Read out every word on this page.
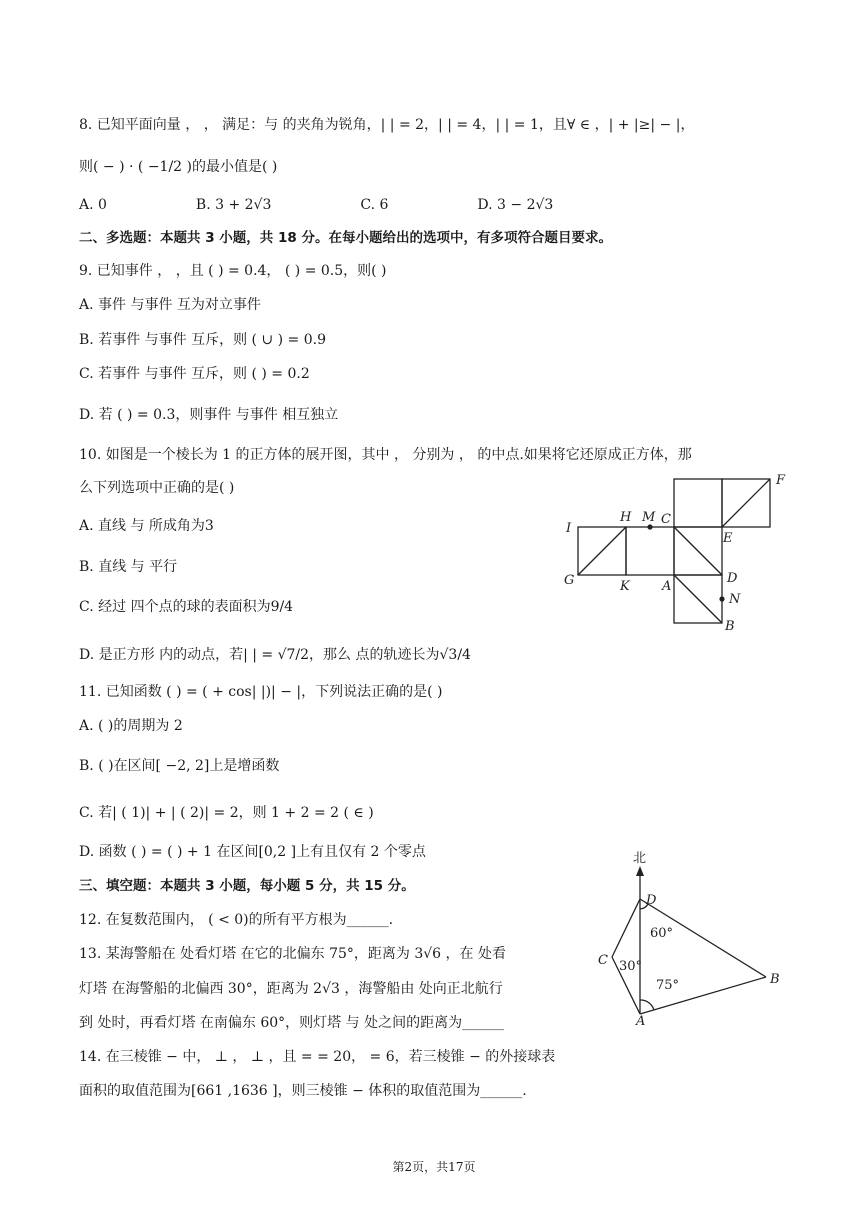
8. 已知平面向量 ， ， 满足：与 的夹角为锐角，| | = 2，| | = 4，| | = 1，且∀ ∈ ，| + |≥| − |，
则( − ) · ( −1/2 )的最小值是( )
A. 0                    B. 3 + 2√3                    C. 6                    D. 3 − 2√3
二、多选题：本题共 3 小题，共 18 分。在每小题给出的选项中，有多项符合题目要求。
9. 已知事件 ， ，且 ( ) = 0.4， ( ) = 0.5，则( )
A. 事件 与事件 互为对立事件
B. 若事件 与事件 互斥，则 ( ∪ ) = 0.9
C. 若事件 与事件 互斥，则 ( ) = 0.2
D. 若 ( ) = 0.3，则事件 与事件 相互独立
10. 如图是一个棱长为 1 的正方体的展开图，其中 ， 分别为 ， 的中点.如果将它还原成正方体，那
么下列选项中正确的是( )
A. 直线 与 所成角为3
B. 直线 与 平行
C. 经过 四个点的球的表面积为9/4
D. 是正方形 内的动点，若| | = √7/2，那么 点的轨迹长为√3/4
11. 已知函数 ( ) = ( + cos| |)| − |，下列说法正确的是( )
A. ( )的周期为 2
B. ( )在区间[ −2, 2]上是增函数
C. 若| ( 1)| + | ( 2)| = 2，则 1 + 2 = 2 ( ∈ )
D. 函数 ( ) = ( ) + 1 在区间[0,2 ]上有且仅有 2 个零点
三、填空题：本题共 3 小题，每小题 5 分，共 15 分。
12. 在复数范围内， ( < 0)的所有平方根为______.
13. 某海警船在 处看灯塔 在它的北偏东 75°，距离为 3√6 ，在 处看
灯塔 在海警船的北偏西 30°，距离为 2√3 ，海警船由 处向正北航行
到 处时，再看灯塔 在南偏东 60°，则灯塔 与 处之间的距离为______
14. 在三棱锥 − 中， ⊥ ， ⊥ ，且 = = 20， = 6，若三棱锥 − 的外接球表
面积的取值范围为[661 ,1636 ]，则三棱锥 − 体积的取值范围为______.
F
H M C
I
E
G	K A
D
N
B
北
D
C
B
A
60°
30°
75°
第2页，共17页
